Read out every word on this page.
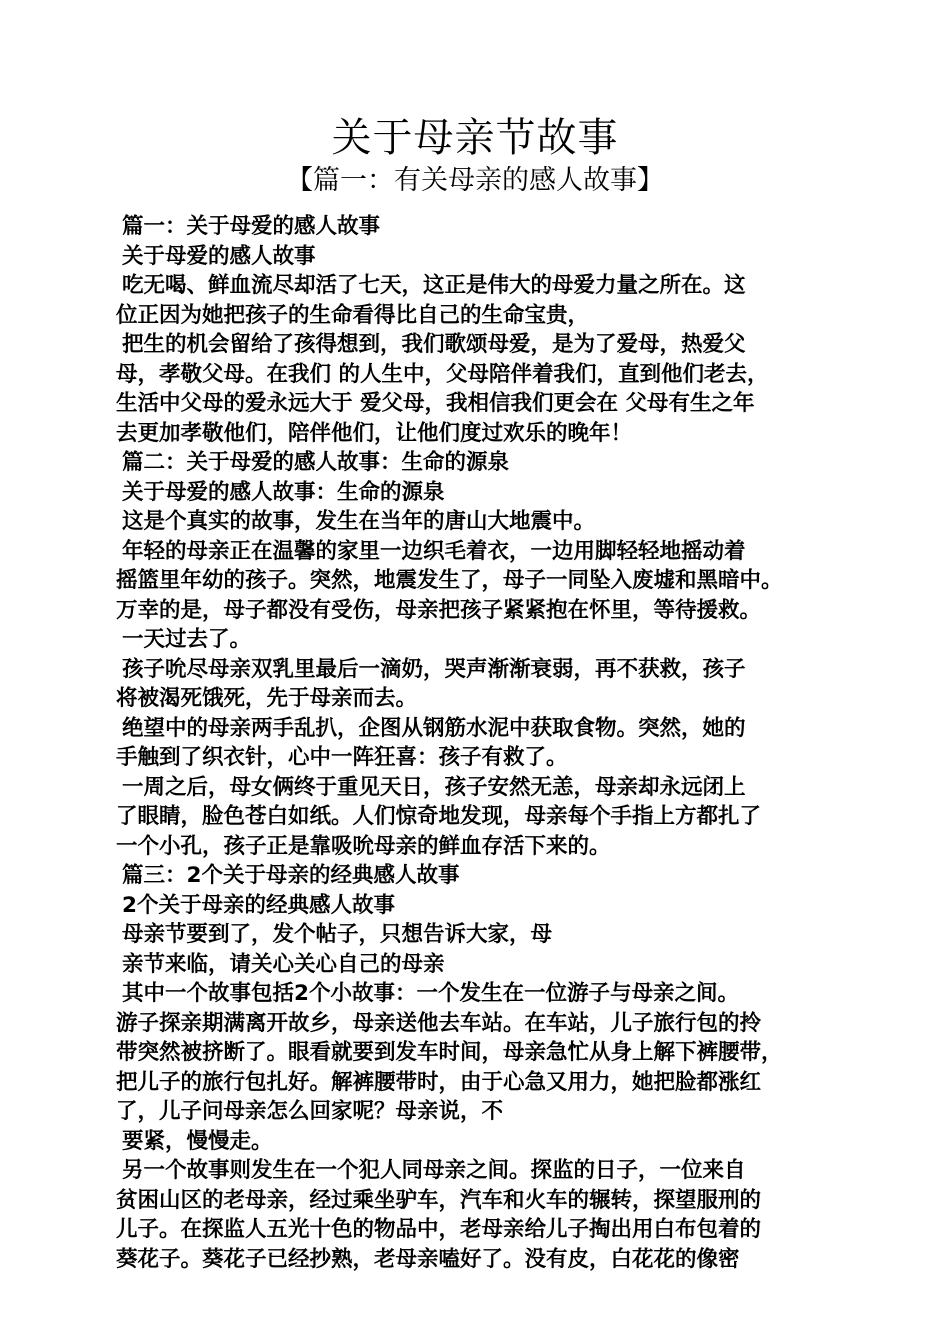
关于母亲节故事
【篇一：有关母亲的感人故事】
篇一：关于母爱的感人故事
关于母爱的感人故事
吃无喝、鲜血流尽却活了七天，这正是伟大的母爱力量之所在。这
位正因为她把孩子的生命看得比自己的生命宝贵，
把生的机会留给了孩得想到，我们歌颂母爱，是为了爱母，热爱父
母，孝敬父母。在我们 的人生中，父母陪伴着我们，直到他们老去，
生活中父母的爱永远大于 爱父母，我相信我们更会在 父母有生之年
去更加孝敬他们，陪伴他们，让他们度过欢乐的晚年！
篇二：关于母爱的感人故事：生命的源泉
关于母爱的感人故事：生命的源泉
这是个真实的故事，发生在当年的唐山大地震中。
年轻的母亲正在温馨的家里一边织毛着衣，一边用脚轻轻地摇动着
摇篮里年幼的孩子。突然，地震发生了，母子一同坠入废墟和黑暗中。
万幸的是，母子都没有受伤，母亲把孩子紧紧抱在怀里，等待援救。
一天过去了。
孩子吮尽母亲双乳里最后一滴奶，哭声渐渐衰弱，再不获救，孩子
将被渴死饿死，先于母亲而去。
绝望中的母亲两手乱扒，企图从钢筋水泥中获取食物。突然，她的
手触到了织衣针，心中一阵狂喜：孩子有救了。
一周之后，母女俩终于重见天日，孩子安然无恙，母亲却永远闭上
了眼睛，脸色苍白如纸。人们惊奇地发现，母亲每个手指上方都扎了
一个小孔，孩子正是靠吸吮母亲的鲜血存活下来的。
篇三：2个关于母亲的经典感人故事
2个关于母亲的经典感人故事
母亲节要到了，发个帖子，只想告诉大家，母
亲节来临，请关心关心自己的母亲
其中一个故事包括2个小故事：一个发生在一位游子与母亲之间。
游子探亲期满离开故乡，母亲送他去车站。在车站，儿子旅行包的拎
带突然被挤断了。眼看就要到发车时间，母亲急忙从身上解下裤腰带，
把儿子的旅行包扎好。解裤腰带时，由于心急又用力，她把脸都涨红
了，儿子问母亲怎么回家呢？母亲说，不
要紧，慢慢走。
另一个故事则发生在一个犯人同母亲之间。探监的日子，一位来自
贫困山区的老母亲，经过乘坐驴车，汽车和火车的辗转，探望服刑的
儿子。在探监人五光十色的物品中，老母亲给儿子掏出用白布包着的
葵花子。葵花子已经抄熟，老母亲嗑好了。没有皮，白花花的像密
